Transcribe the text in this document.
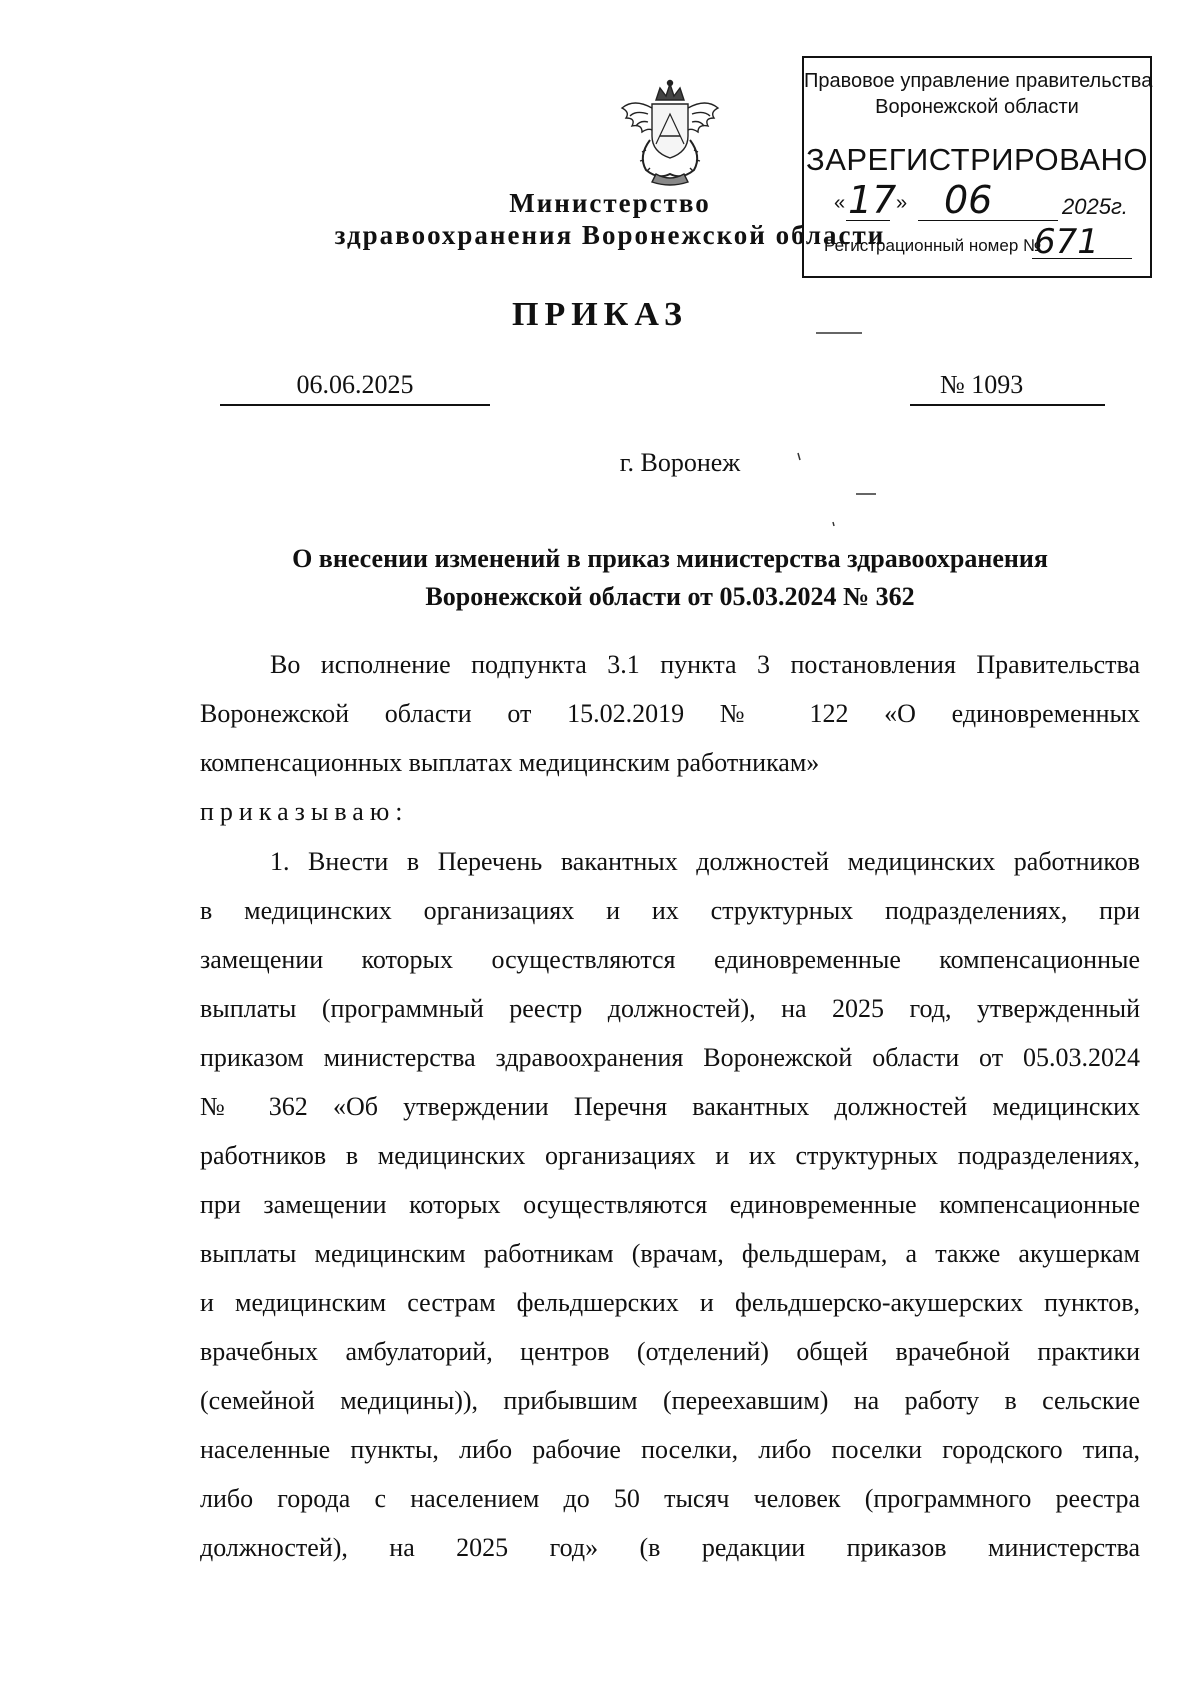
Министерство
здравоохранения Воронежской области
Правовое управление правительства
Воронежской области
ЗАРЕГИСТРИРОВАНО
« 17 » 06	2025г.
Регистрационный номер №
671
ПРИКАЗ
06.06.2025	№ 1093
г. Воронеж
О внесении изменений в приказ министерства здравоохранения
Воронежской области от 05.03.2024 № 362
Во исполнение подпункта 3.1 пункта 3 постановления Правительства
Воронежской области от 15.02.2019 № 122 «О единовременных
компенсационных выплатах медицинским работникам»
приказываю:
1. Внести в Перечень вакантных должностей медицинских работников
в медицинских организациях и их структурных подразделениях, при
замещении которых осуществляются единовременные компенсационные
выплаты (программный реестр должностей), на 2025 год, утвержденный
приказом министерства здравоохранения Воронежской области от 05.03.2024
№ 362 «Об утверждении Перечня вакантных должностей медицинских
работников в медицинских организациях и их структурных подразделениях,
при замещении которых осуществляются единовременные компенсационные
выплаты медицинским работникам (врачам, фельдшерам, а также акушеркам
и медицинским сестрам фельдшерских и фельдшерско-акушерских пунктов,
врачебных амбулаторий, центров (отделений) общей врачебной практики
(семейной медицины)), прибывшим (переехавшим) на работу в сельские
населенные пункты, либо рабочие поселки, либо поселки городского типа,
либо города с населением до 50 тысяч человек (программного реестра
должностей), на 2025 год» (в редакции приказов министерства
